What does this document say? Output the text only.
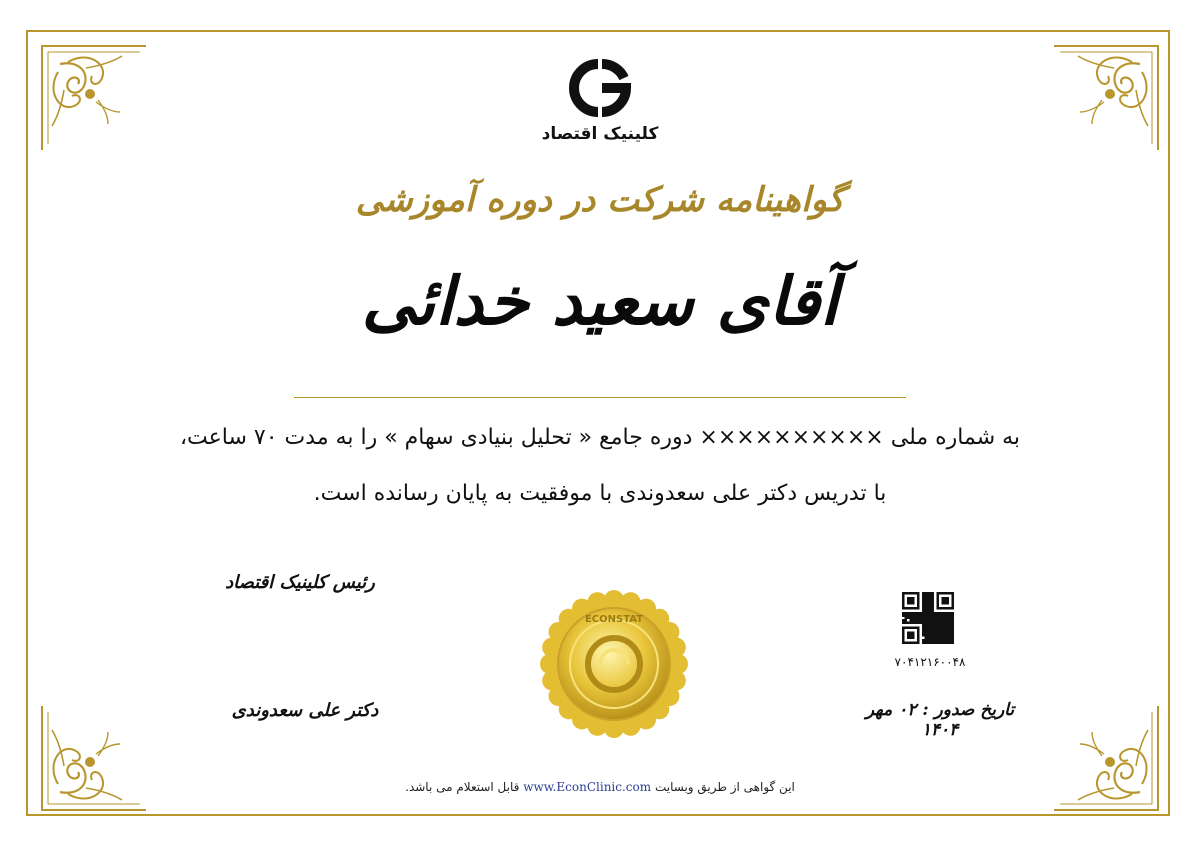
کلینیک اقتصاد
گواهینامه شرکت در دوره آموزشی
آقای سعید خدائی
به شماره ملی ×××××××××× دوره جامع « تحلیل بنیادی سهام » را به مدت ۷۰ ساعت،
با تدریس دکتر علی سعدوندی با موفقیت به پایان رسانده است.
رئیس کلینیک اقتصاد
دکتر علی سعدوندی
ECONSTAT
۷۰۴۱۲۱۶۰۰۴۸
تاریخ صدور : ۰۲ مهر ۱۴۰۴
این گواهی از طریق وبسایت www.EconClinic.com قابل استعلام می باشد.
